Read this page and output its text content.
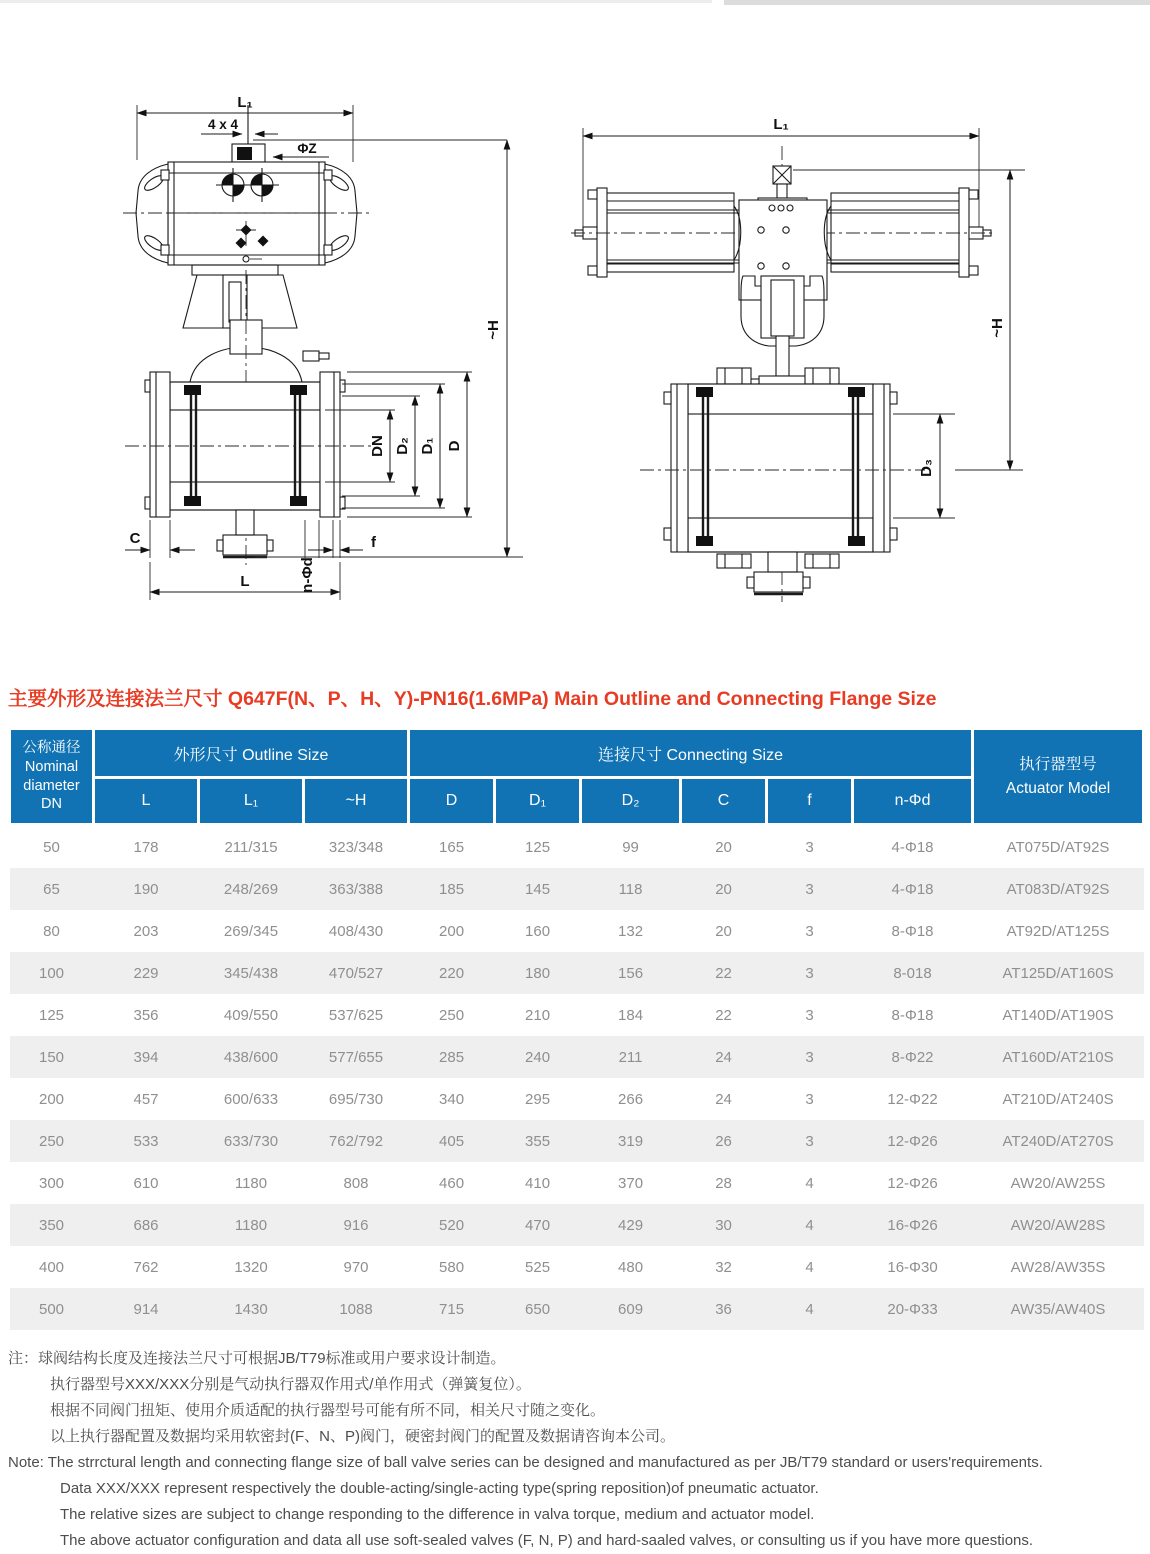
L₁
4 x 4
ΦZ
~H
DN D₂ D₁ D
C
n-Φd
f
L
L₁
D₃
~H
主要外形及连接法兰尺寸 Q647F(N、P、H、Y)-PN16(1.6MPa) Main Outline and Connecting Flange Size
公称通径
Nominal
diameter
DN
	外形尺寸 Outline Size	连接尺寸 Connecting Size	
执行器型号
Actuator Model

	L	L₁	~H	D	D₁	D₂	C	f	n-Φd	
50	178	211/315	323/348	165	125	99	20	3	4-Φ18	AT075D/AT92S
65	190	248/269	363/388	185	145	118	20	3	4-Φ18	AT083D/AT92S
80	203	269/345	408/430	200	160	132	20	3	8-Φ18	AT92D/AT125S
100	229	345/438	470/527	220	180	156	22	3	8-018	AT125D/AT160S
125	356	409/550	537/625	250	210	184	22	3	8-Φ18	AT140D/AT190S
150	394	438/600	577/655	285	240	211	24	3	8-Φ22	AT160D/AT210S
200	457	600/633	695/730	340	295	266	24	3	12-Φ22	AT210D/AT240S
250	533	633/730	762/792	405	355	319	26	3	12-Φ26	AT240D/AT270S
300	610	1180	808	460	410	370	28	4	12-Φ26	AW20/AW25S
350	686	1180	916	520	470	429	30	4	16-Φ26	AW20/AW28S
400	762	1320	970	580	525	480	32	4	16-Φ30	AW28/AW35S
500	914	1430	1088	715	650	609	36	4	20-Φ33	AW35/AW40S
注：球阀结构长度及连接法兰尺寸可根据JB/T79标准或用户要求设计制造。
执行器型号XXX/XXX分别是气动执行器双作用式/单作用式（弹簧复位）。
根据不同阀门扭矩、使用介质适配的执行器型号可能有所不同，相关尺寸随之变化。
以上执行器配置及数据均采用软密封(F、N、P)阀门，硬密封阀门的配置及数据请咨询本公司。
Note: The strrctural length and connecting flange size of ball valve series can be designed and manufactured as per JB/T79 standard or users'requirements.
Data XXX/XXX represent respectively the double-acting/single-acting type(spring reposition)of pneumatic actuator.
The relative sizes are subject to change responding to the difference in valva torque, medium and actuator model.
The above actuator configuration and data all use soft-sealed valves (F, N, P) and hard-saaled valves, or consulting us if you have more questions.
